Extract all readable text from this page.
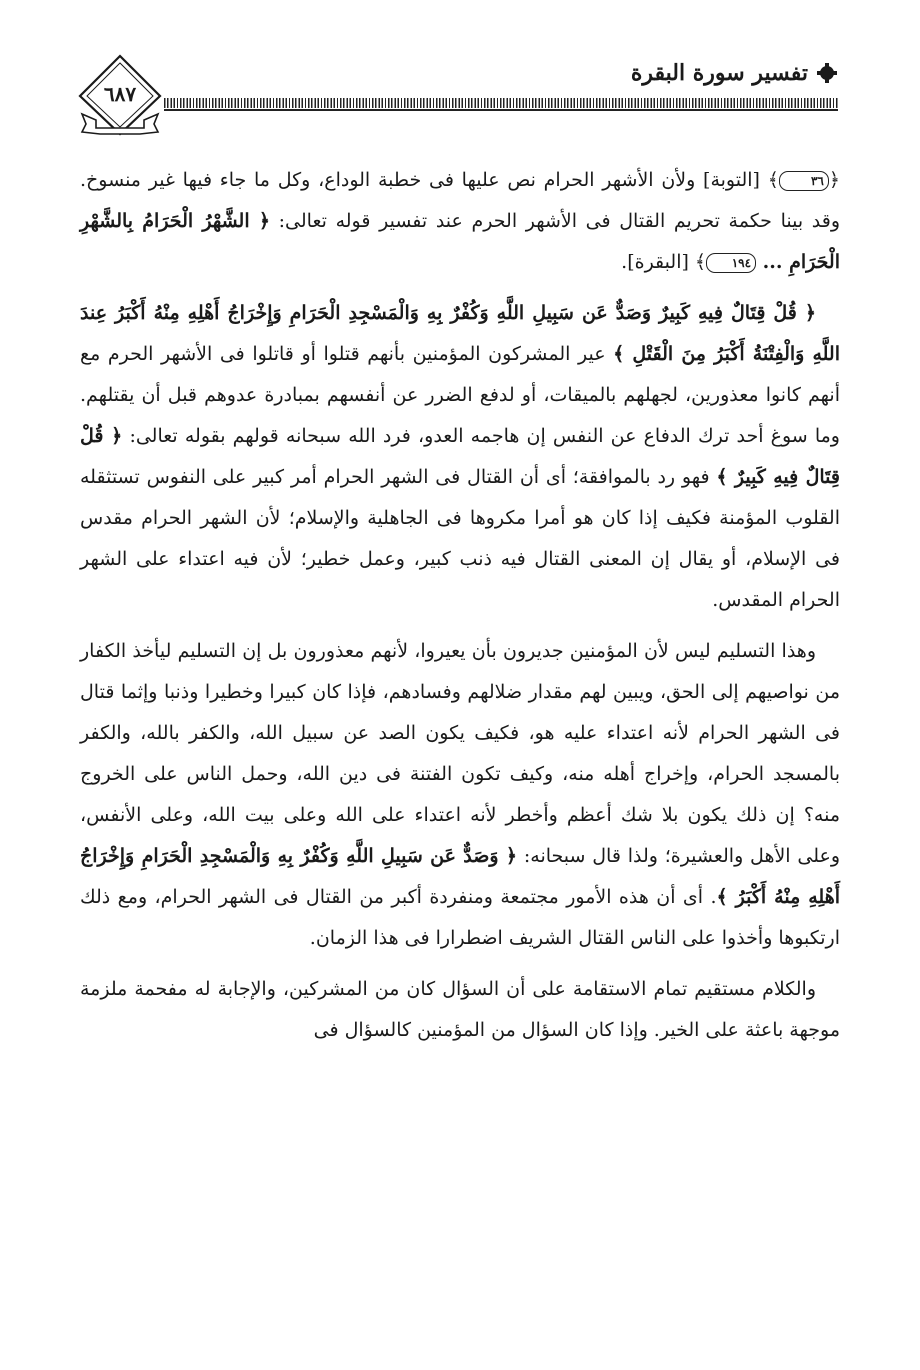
تفسير سورة البقرة
٦٨٧

﴿٣٦﴾ [التوبة] ولأن الأشهر الحرام نص عليها فى خطبة الوداع، وكل ما جاء فيها غير منسوخ. وقد بينا حكمة تحريم القتال فى الأشهر الحرم عند تفسير قوله تعالى: ﴿ الشَّهْرُ الْحَرَامُ بِالشَّهْرِ الْحَرَامِ ... ١٩٤﴾ [البقرة].

﴿ قُلْ قِتَالٌ فِيهِ كَبِيرٌ وَصَدٌّ عَن سَبِيلِ اللَّهِ وَكُفْرٌ بِهِ وَالْمَسْجِدِ الْحَرَامِ وَإِخْرَاجُ أَهْلِهِ مِنْهُ أَكْبَرُ عِندَ اللَّهِ وَالْفِتْنَةُ أَكْبَرُ مِنَ الْقَتْلِ ﴾ عير المشركون المؤمنين بأنهم قتلوا أو قاتلوا فى الأشهر الحرم مع أنهم كانوا معذورين، لجهلهم بالميقات، أو لدفع الضرر عن أنفسهم بمبادرة عدوهم قبل أن يقتلهم. وما سوغ أحد ترك الدفاع عن النفس إن هاجمه العدو، فرد الله سبحانه قولهم بقوله تعالى: ﴿ قُلْ قِتَالٌ فِيهِ كَبِيرٌ ﴾ فهو رد بالموافقة؛ أى أن القتال فى الشهر الحرام أمر كبير على النفوس تستثقله القلوب المؤمنة فكيف إذا كان هو أمرا مكروها فى الجاهلية والإسلام؛ لأن الشهر الحرام مقدس فى الإسلام، أو يقال إن المعنى القتال فيه ذنب كبير، وعمل خطير؛ لأن فيه اعتداء على الشهر الحرام المقدس.

وهذا التسليم ليس لأن المؤمنين جديرون بأن يعيروا، لأنهم معذورون بل إن التسليم ليأخذ الكفار من نواصيهم إلى الحق، ويبين لهم مقدار ضلالهم وفسادهم، فإذا كان كبيرا وخطيرا وذنبا وإثما قتال فى الشهر الحرام لأنه اعتداء عليه هو، فكيف يكون الصد عن سبيل الله، والكفر بالله، والكفر بالمسجد الحرام، وإخراج أهله منه، وكيف تكون الفتنة فى دين الله، وحمل الناس على الخروج منه؟ إن ذلك يكون بلا شك أعظم وأخطر لأنه اعتداء على الله وعلى بيت الله، وعلى الأنفس، وعلى الأهل والعشيرة؛ ولذا قال سبحانه: ﴿ وَصَدٌّ عَن سَبِيلِ اللَّهِ وَكُفْرٌ بِهِ وَالْمَسْجِدِ الْحَرَامِ وَإِخْرَاجُ أَهْلِهِ مِنْهُ أَكْبَرُ ﴾. أى أن هذه الأمور مجتمعة ومنفردة أكبر من القتال فى الشهر الحرام، ومع ذلك ارتكبوها وأخذوا على الناس القتال الشريف اضطرارا فى هذا الزمان.

والكلام مستقيم تمام الاستقامة على أن السؤال كان من المشركين، والإجابة له مفحمة ملزمة موجهة باعثة على الخير. وإذا كان السؤال من المؤمنين كالسؤال فى
